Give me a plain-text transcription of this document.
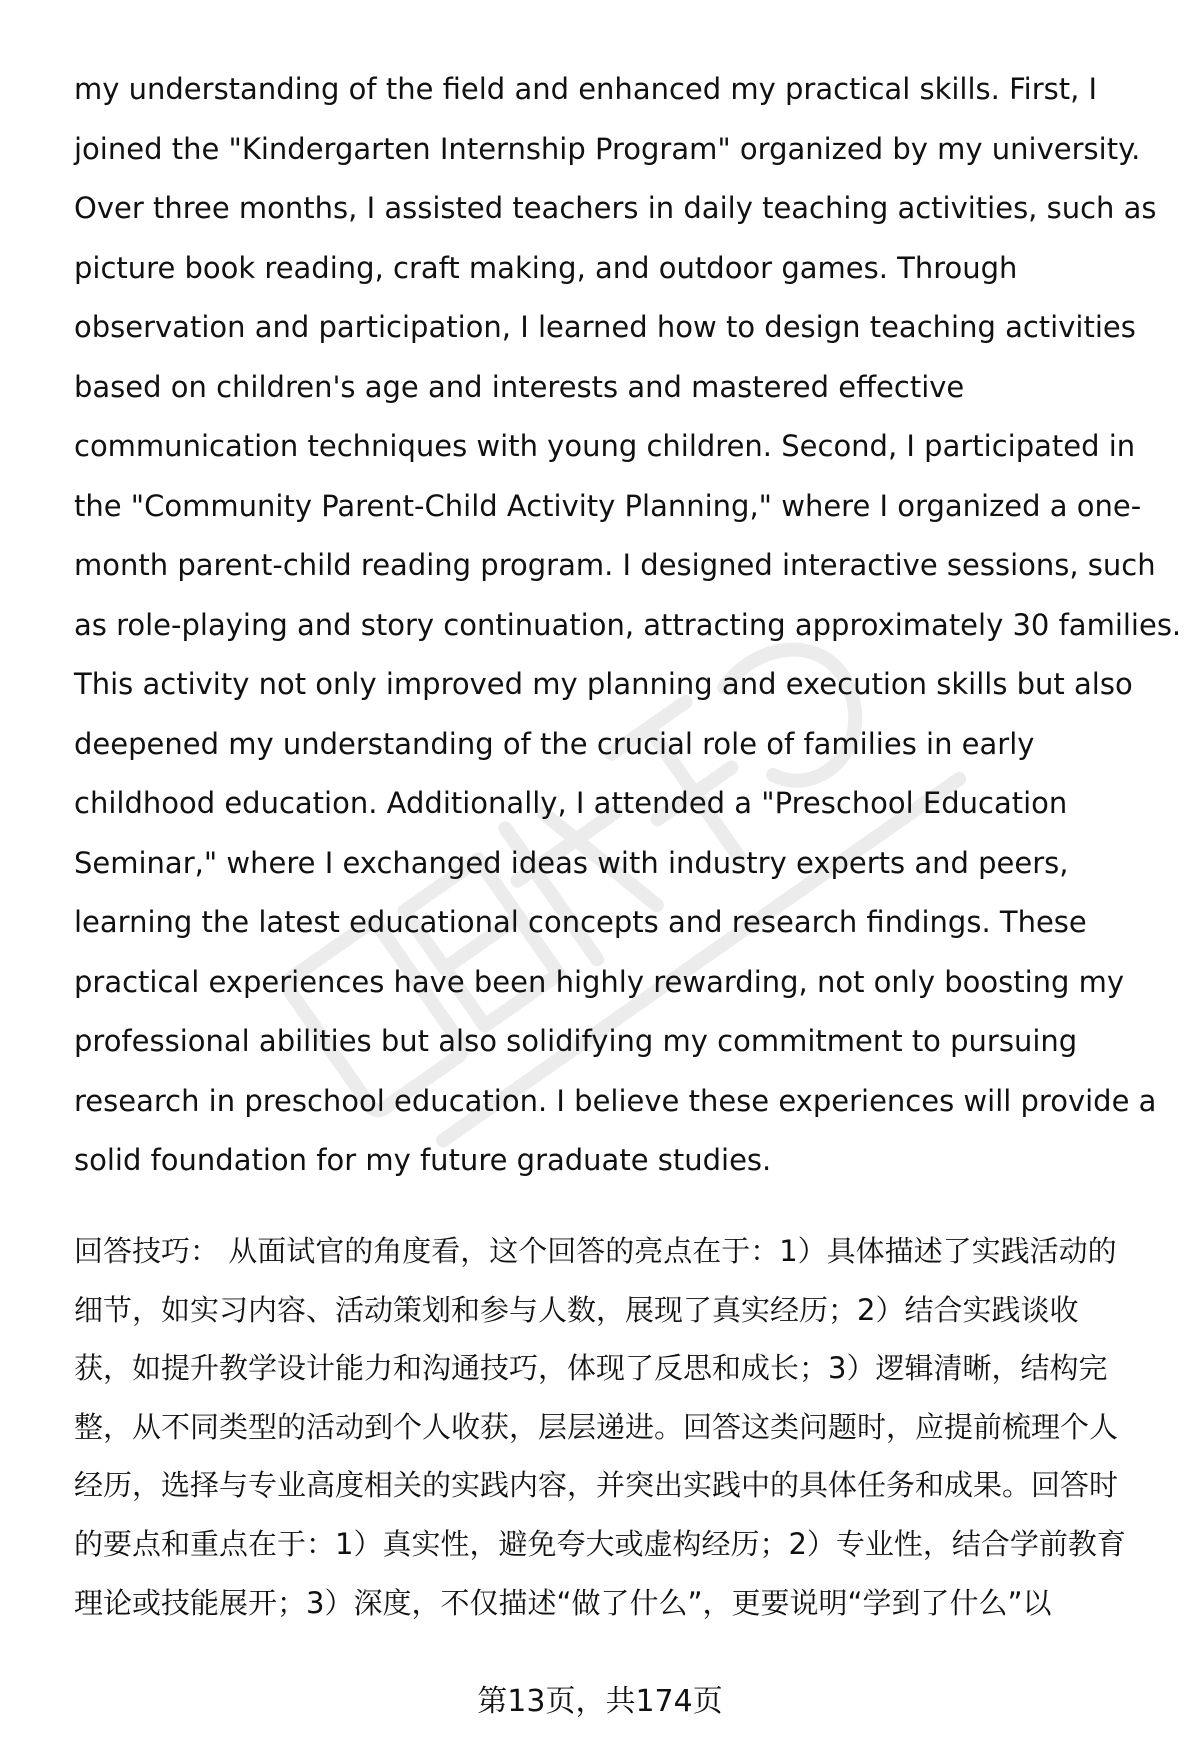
my understanding of the field and enhanced my practical skills. First, I
joined the "Kindergarten Internship Program" organized by my university.
Over three months, I assisted teachers in daily teaching activities, such as
picture book reading, craft making, and outdoor games. Through
observation and participation, I learned how to design teaching activities
based on children's age and interests and mastered effective
communication techniques with young children. Second, I participated in
the "Community Parent-Child Activity Planning," where I organized a one-
month parent-child reading program. I designed interactive sessions, such
as role-playing and story continuation, attracting approximately 30 families.
This activity not only improved my planning and execution skills but also
deepened my understanding of the crucial role of families in early
childhood education. Additionally, I attended a "Preschool Education
Seminar," where I exchanged ideas with industry experts and peers,
learning the latest educational concepts and research findings. These
practical experiences have been highly rewarding, not only boosting my
professional abilities but also solidifying my commitment to pursuing
research in preschool education. I believe these experiences will provide a
solid foundation for my future graduate studies.
回答技巧： 从面试官的角度看，这个回答的亮点在于：1）具体描述了实践活动的
细节，如实习内容、活动策划和参与人数，展现了真实经历；2）结合实践谈收
获，如提升教学设计能力和沟通技巧，体现了反思和成长；3）逻辑清晰，结构完
整，从不同类型的活动到个人收获，层层递进。回答这类问题时，应提前梳理个人
经历，选择与专业高度相关的实践内容，并突出实践中的具体任务和成果。回答时
的要点和重点在于：1）真实性，避免夸大或虚构经历；2）专业性，结合学前教育
理论或技能展开；3）深度，不仅描述“做了什么”，更要说明“学到了什么”以
第13页，共174页
